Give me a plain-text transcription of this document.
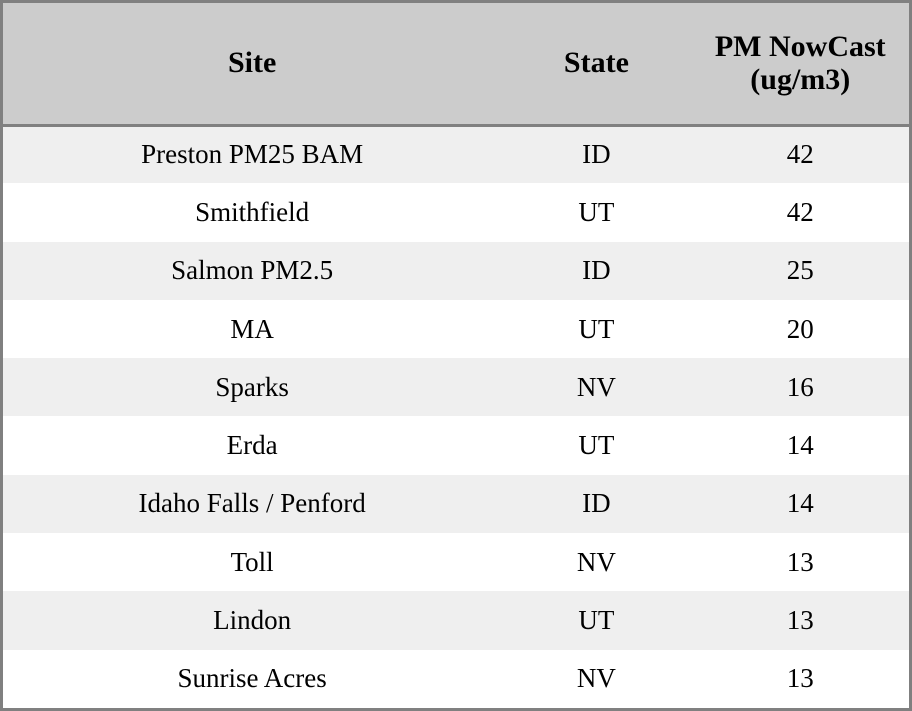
Site	State	PM NowCast (ug/m3)
Preston PM25 BAM	ID	42
Smithfield	UT	42
Salmon PM2.5	ID	25
MA	UT	20
Sparks	NV	16
Erda	UT	14
Idaho Falls / Penford	ID	14
Toll	NV	13
Lindon	UT	13
Sunrise Acres	NV	13
